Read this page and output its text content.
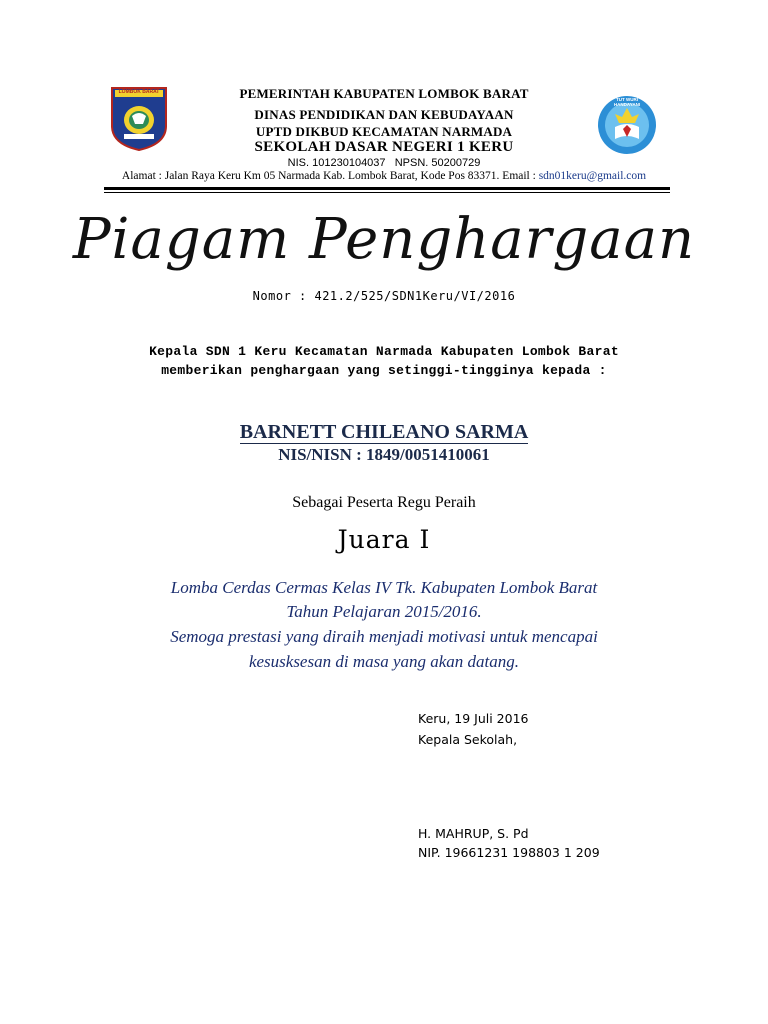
LOMBOK BARAT
TUT WURI HANDAYANI
PEMERINTAH KABUPATEN LOMBOK BARAT
DINAS PENDIDIKAN DAN KEBUDAYAAN
UPTD DIKBUD KECAMATAN NARMADA
SEKOLAH DASAR NEGERI 1 KERU
NIS. 101230104037   NPSN. 50200729
Alamat : Jalan Raya Keru Km 05 Narmada Kab. Lombok Barat, Kode Pos 83371. Email : sdn01keru@gmail.com
Piagam Penghargaan
Nomor : 421.2/525/SDN1Keru/VI/2016
Kepala SDN 1 Keru Kecamatan Narmada Kabupaten Lombok Barat
memberikan penghargaan yang setinggi-tingginya kepada :
BARNETT CHILEANO SARMA
NIS/NISN : 1849/0051410061
Sebagai Peserta Regu Peraih
Juara I
Lomba Cerdas Cermas Kelas IV Tk. Kabupaten Lombok Barat
Tahun Pelajaran 2015/2016.
Semoga prestasi yang diraih menjadi motivasi untuk mencapai
kesusksesan di masa yang akan datang.
Keru, 19 Juli 2016
Kepala Sekolah,
H. MAHRUP, S. Pd
NIP. 19661231 198803 1 209
